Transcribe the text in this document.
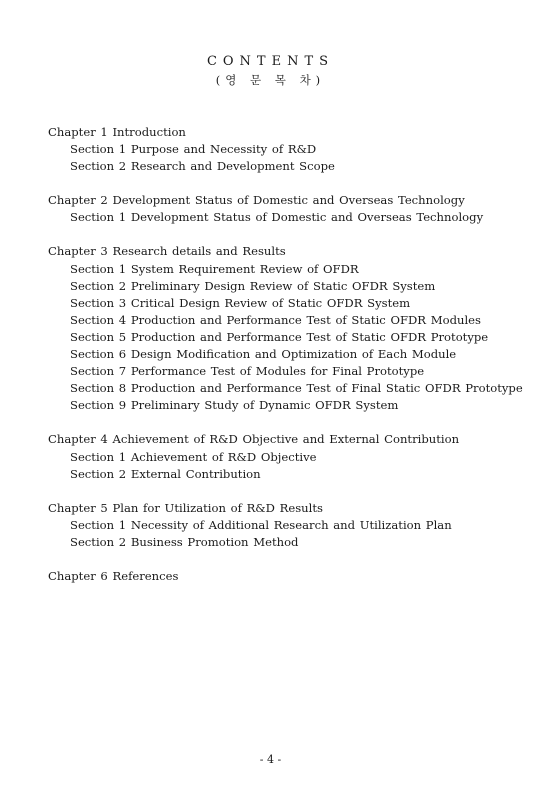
CONTENTS
(영 문 목 차)
Chapter 1 Introduction
Section 1 Purpose and Necessity of R&D
Section 2 Research and Development Scope
Chapter 2 Development Status of Domestic and Overseas Technology
Section 1 Development Status of Domestic and Overseas Technology
Chapter 3 Research details and Results
Section 1 System Requirement Review of OFDR
Section 2 Preliminary Design Review of Static OFDR System
Section 3 Critical Design Review of Static OFDR System
Section 4 Production and Performance Test of Static OFDR Modules
Section 5 Production and Performance Test of Static OFDR Prototype
Section 6 Design Modification and Optimization of Each Module
Section 7 Performance Test of Modules for Final Prototype
Section 8 Production and Performance Test of Final Static OFDR Prototype
Section 9 Preliminary Study of Dynamic OFDR System
Chapter 4 Achievement of R&D Objective and External Contribution
Section 1 Achievement of R&D Objective
Section 2 External Contribution
Chapter 5 Plan for Utilization of R&D Results
Section 1 Necessity of Additional Research and Utilization Plan
Section 2 Business Promotion Method
Chapter 6 References
- 4 -
